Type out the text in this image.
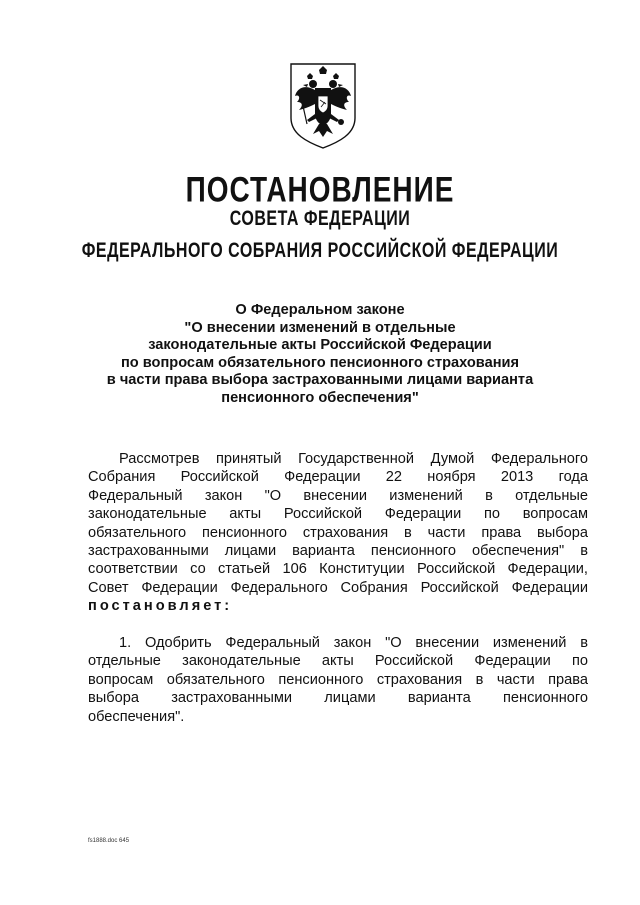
ПОСТАНОВЛЕНИЕ
СОВЕТА ФЕДЕРАЦИИ
ФЕДЕРАЛЬНОГО СОБРАНИЯ РОССИЙСКОЙ ФЕДЕРАЦИИ
О Федеральном законе
"О внесении изменений в отдельные
законодательные акты Российской Федерации
по вопросам обязательного пенсионного страхования
в части права выбора застрахованными лицами варианта
пенсионного обеспечения"
Рассмотрев принятый Государственной Думой Федерального
Собрания Российской Федерации 22 ноября 2013 года
Федеральный закон "О внесении изменений в отдельные
законодательные акты Российской Федерации по вопросам
обязательного пенсионного страхования в части права выбора
застрахованными лицами варианта пенсионного обеспечения" в
соответствии со статьей 106 Конституции Российской Федерации,
Совет Федерации Федерального Собрания Российской Федерации
постановляет:
1. Одобрить Федеральный закон "О внесении изменений в
отдельные законодательные акты Российской Федерации по
вопросам обязательного пенсионного страхования в части права
выбора застрахованными лицами варианта пенсионного
обеспечения".
fs1888.doc 645
